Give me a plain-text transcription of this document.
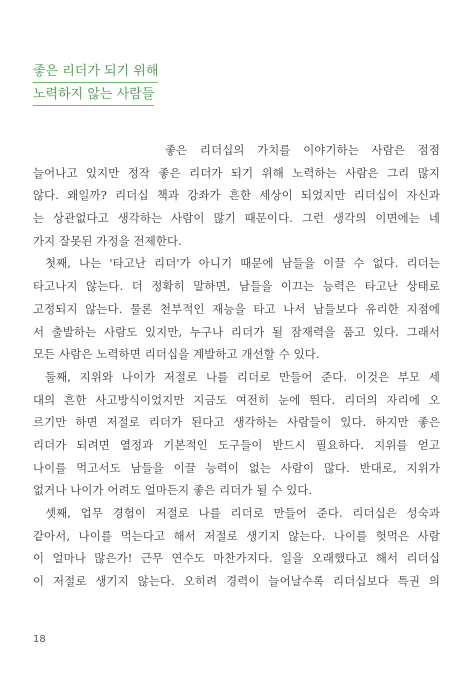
좋은 리더가 되기 위해
노력하지 않는 사람들
좋은 리더십의 가치를 이야기하는 사람은 점점
늘어나고 있지만 정작 좋은 리더가 되기 위해 노력하는 사람은 그리 많지
않다. 왜일까? 리더십 책과 강좌가 흔한 세상이 되었지만 리더십이 자신과
는 상관없다고 생각하는 사람이 많기 때문이다. 그런 생각의 이면에는 네
가지 잘못된 가정을 전제한다.
첫째, 나는 '타고난 리더'가 아니기 때문에 남들을 이끌 수 없다. 리더는
타고나지 않는다. 더 정확히 말하면, 남들을 이끄는 능력은 타고난 상태로
고정되지 않는다. 물론 천부적인 재능을 타고 나서 남들보다 유리한 지점에
서 출발하는 사람도 있지만, 누구나 리더가 될 잠재력을 품고 있다. 그래서
모든 사람은 노력하면 리더십을 계발하고 개선할 수 있다.
둘째, 지위와 나이가 저절로 나를 리더로 만들어 준다. 이것은 부모 세
대의 흔한 사고방식이었지만 지금도 여전히 눈에 띈다. 리더의 자리에 오
르기만 하면 저절로 리더가 된다고 생각하는 사람들이 있다. 하지만 좋은
리더가 되려면 열정과 기본적인 도구들이 반드시 필요하다. 지위를 얻고
나이를 먹고서도 남들을 이끌 능력이 없는 사람이 많다. 반대로, 지위가
없거나 나이가 어려도 얼마든지 좋은 리더가 될 수 있다.
셋째, 업무 경험이 저절로 나를 리더로 만들어 준다. 리더십은 성숙과
같아서, 나이를 먹는다고 해서 저절로 생기지 않는다. 나이를 헛먹은 사람
이 얼마나 많은가! 근무 연수도 마찬가지다. 일을 오래했다고 해서 리더십
이 저절로 생기지 않는다. 오히려 경력이 늘어날수록 리더십보다 특권 의
18
